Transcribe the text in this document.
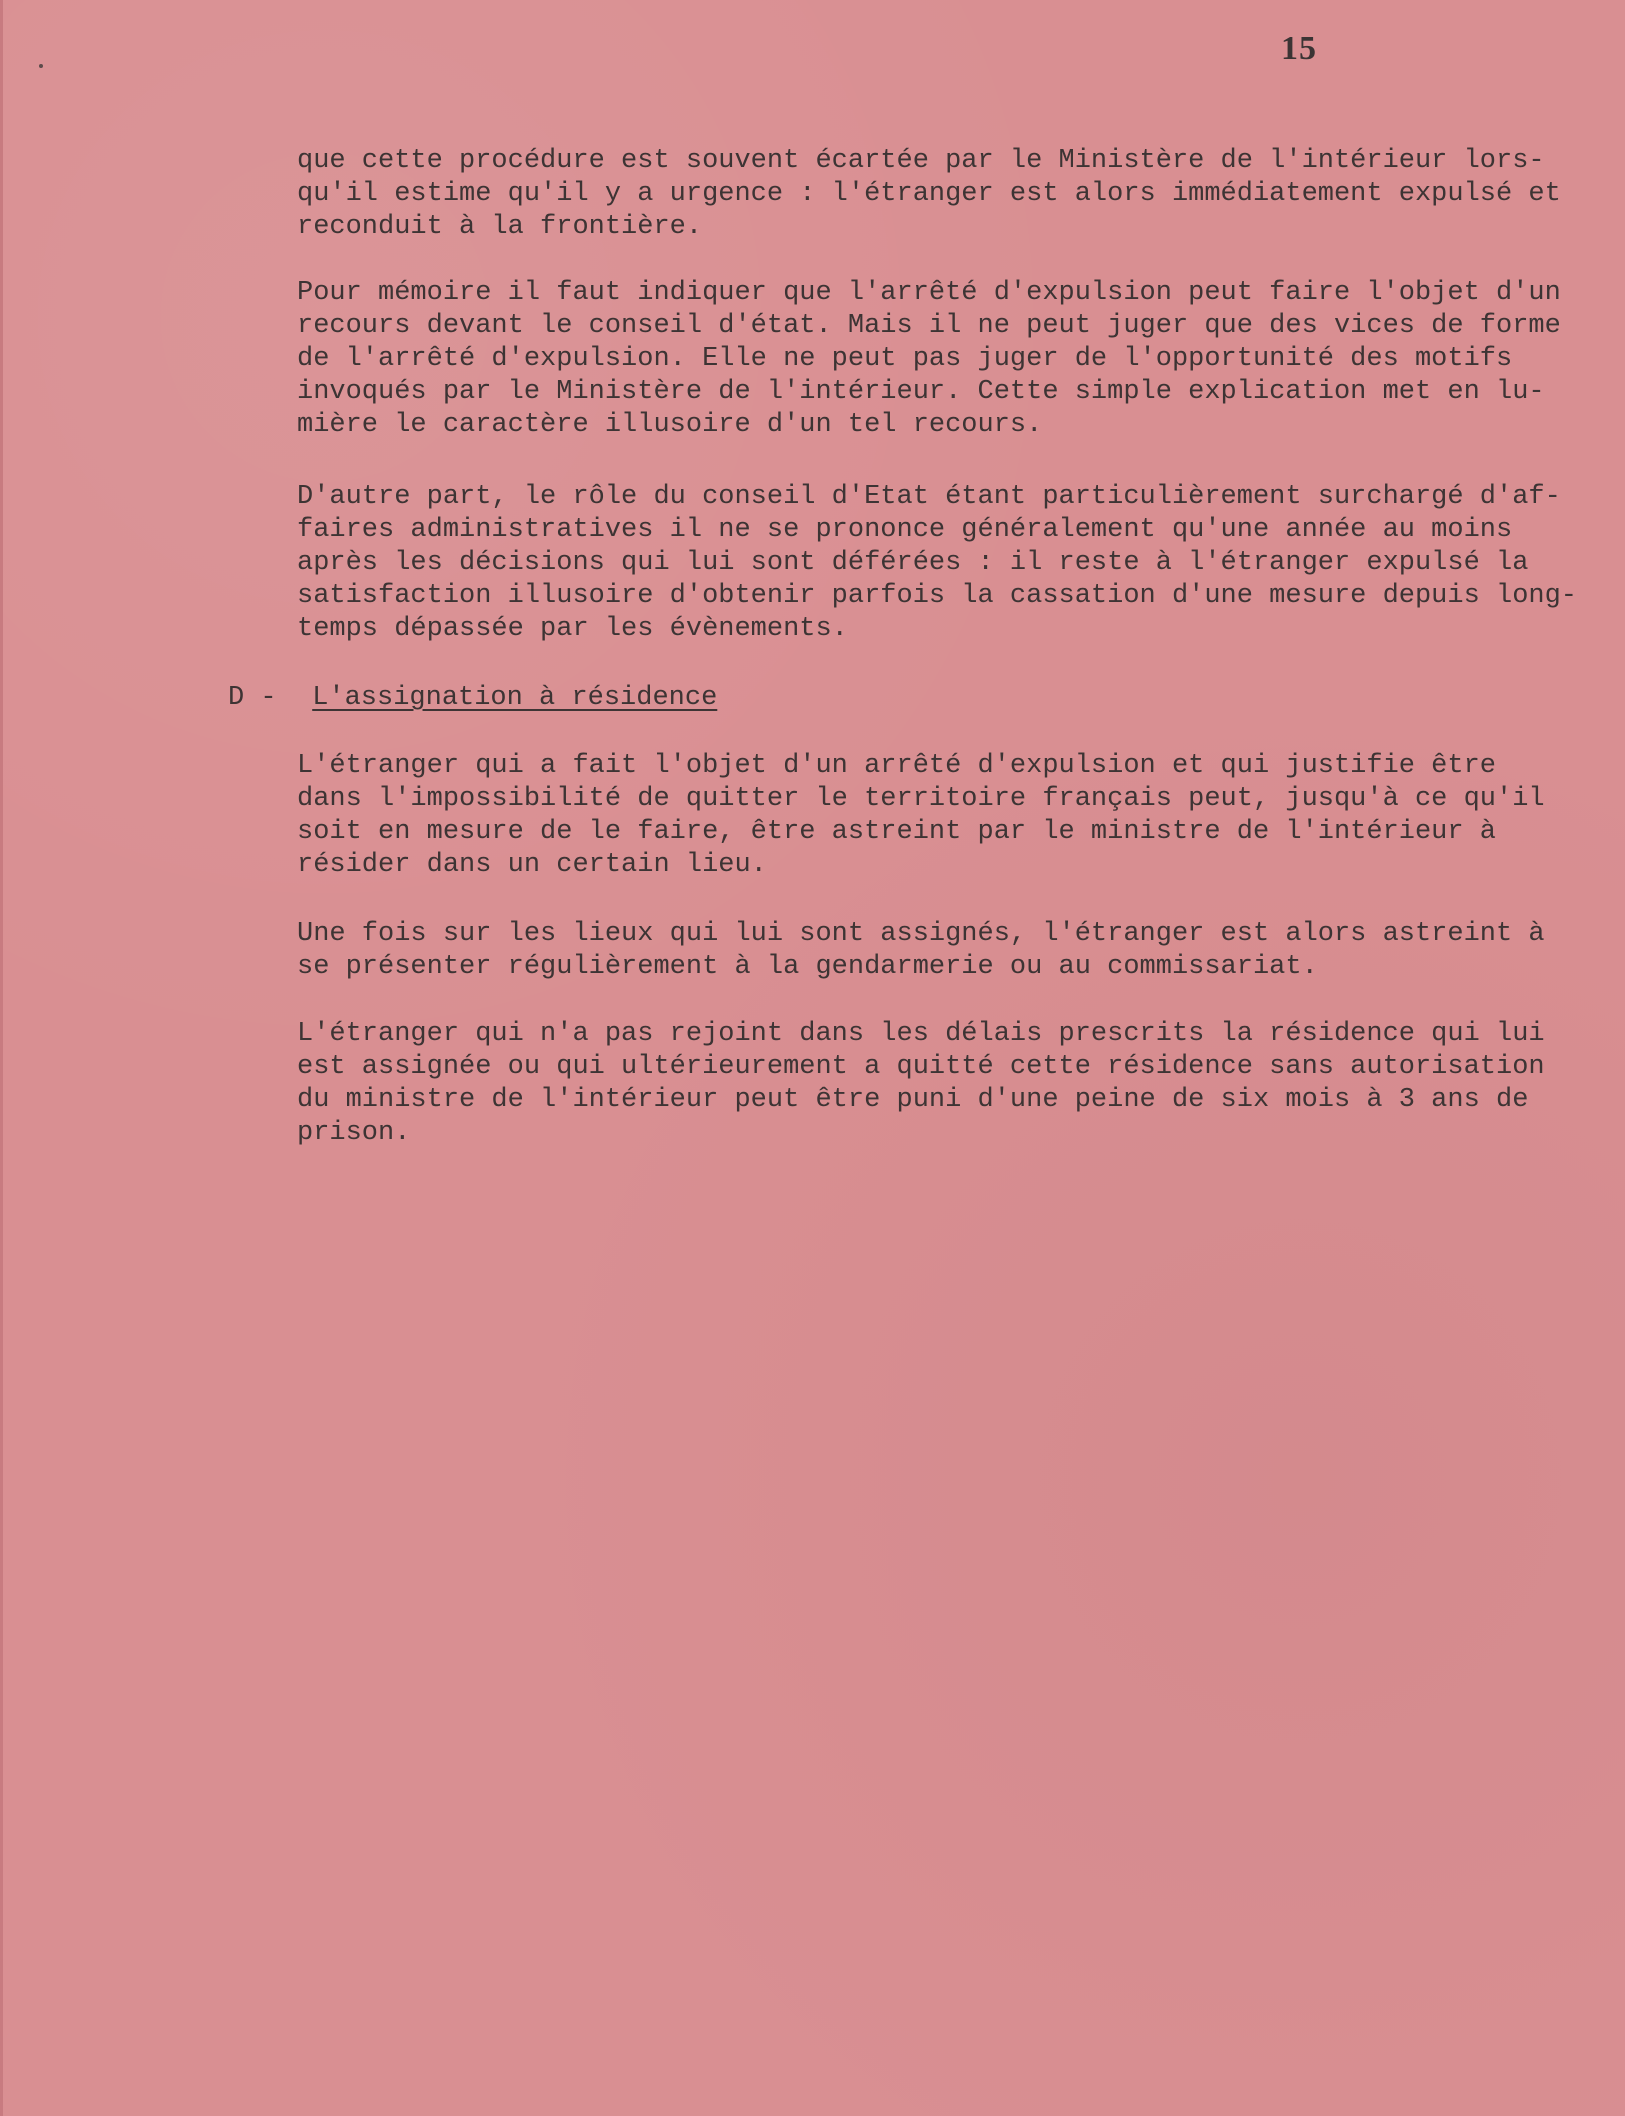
15
que cette procédure est souvent écartée par le Ministère de l'intérieur lors-
qu'il estime qu'il y a urgence : l'étranger est alors immédiatement expulsé et
reconduit à la frontière.
Pour mémoire il faut indiquer que l'arrêté d'expulsion peut faire l'objet d'un
recours devant le conseil d'état. Mais il ne peut juger que des vices de forme
de l'arrêté d'expulsion. Elle ne peut pas juger de l'opportunité des motifs
invoqués par le Ministère de l'intérieur. Cette simple explication met en lu-
mière le caractère illusoire d'un tel recours.
D'autre part, le rôle du conseil d'Etat étant particulièrement surchargé d'af-
faires administratives il ne se prononce généralement qu'une année au moins
après les décisions qui lui sont déférées : il reste à l'étranger expulsé la
satisfaction illusoire d'obtenir parfois la cassation d'une mesure depuis long-
temps dépassée par les évènements.
D - L'assignation à résidence
L'étranger qui a fait l'objet d'un arrêté d'expulsion et qui justifie être
dans l'impossibilité de quitter le territoire français peut, jusqu'à ce qu'il
soit en mesure de le faire, être astreint par le ministre de l'intérieur à
résider dans un certain lieu.
Une fois sur les lieux qui lui sont assignés, l'étranger est alors astreint à
se présenter régulièrement à la gendarmerie ou au commissariat.
L'étranger qui n'a pas rejoint dans les délais prescrits la résidence qui lui
est assignée ou qui ultérieurement a quitté cette résidence sans autorisation
du ministre de l'intérieur peut être puni d'une peine de six mois à 3 ans de
prison.
